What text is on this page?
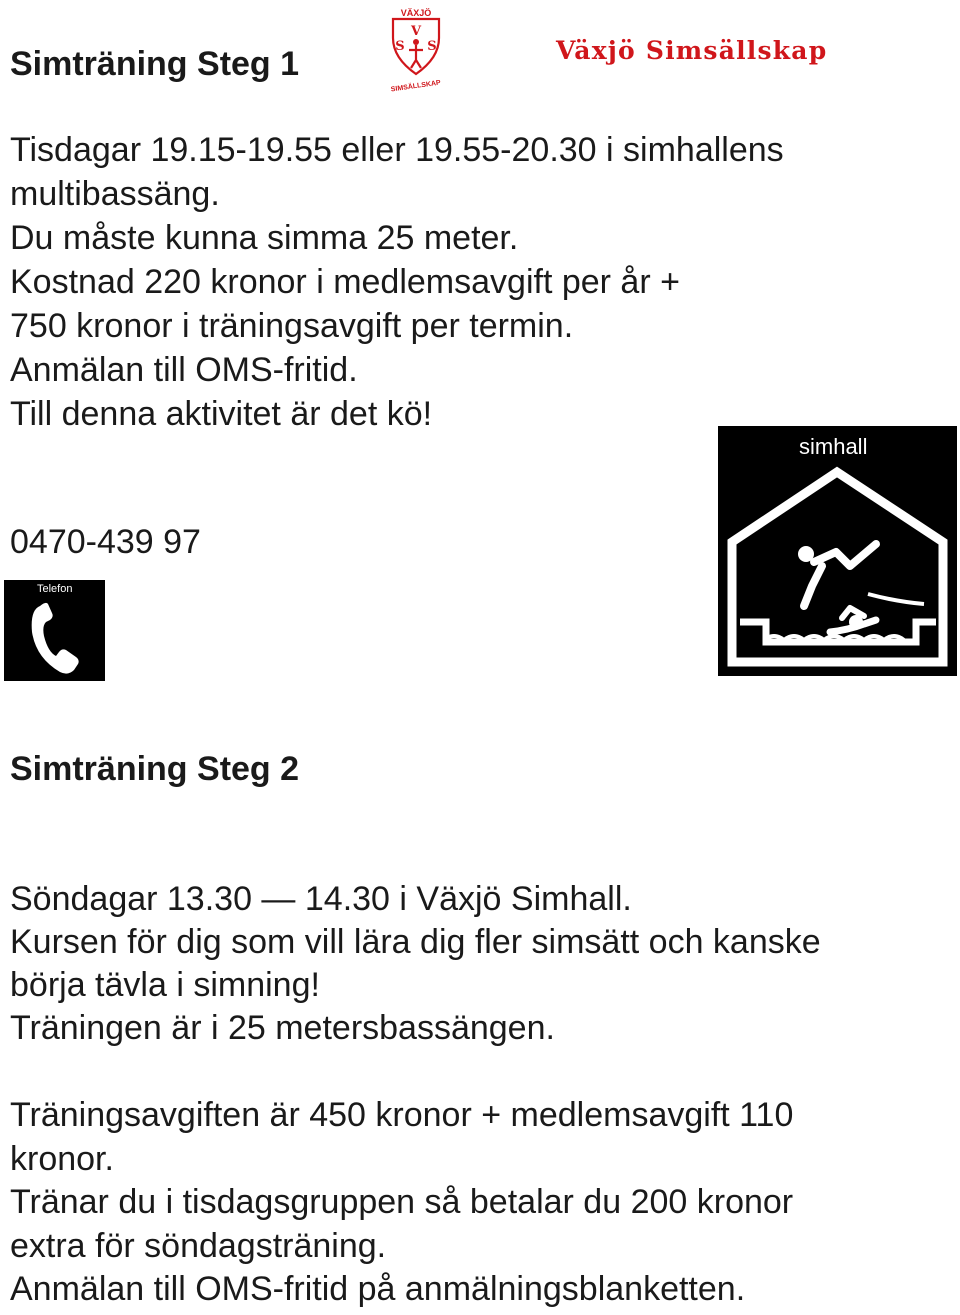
Simträning Steg 1
VÄXJÖ
V
S S
SIMSÄLLSKAP
Växjö Simsällskap
Tisdagar 19.15-19.55 eller 19.55-20.30 i simhallens
multibassäng.
Du måste kunna simma 25 meter.
Kostnad 220 kronor i medlemsavgift per år +
750 kronor i träningsavgift per termin.
Anmälan till OMS-fritid.
Till denna aktivitet är det kö!
0470-439 97
Telefon
simhall
Simträning Steg 2
Söndagar 13.30 — 14.30 i Växjö Simhall.
Kursen för dig som vill lära dig fler simsätt och kanske
börja tävla i simning!
Träningen är i 25 metersbassängen.
Träningsavgiften är 450 kronor + medlemsavgift 110
kronor.
Tränar du i tisdagsgruppen så betalar du 200 kronor
extra för söndagsträning.
Anmälan till OMS-fritid på anmälningsblanketten.
